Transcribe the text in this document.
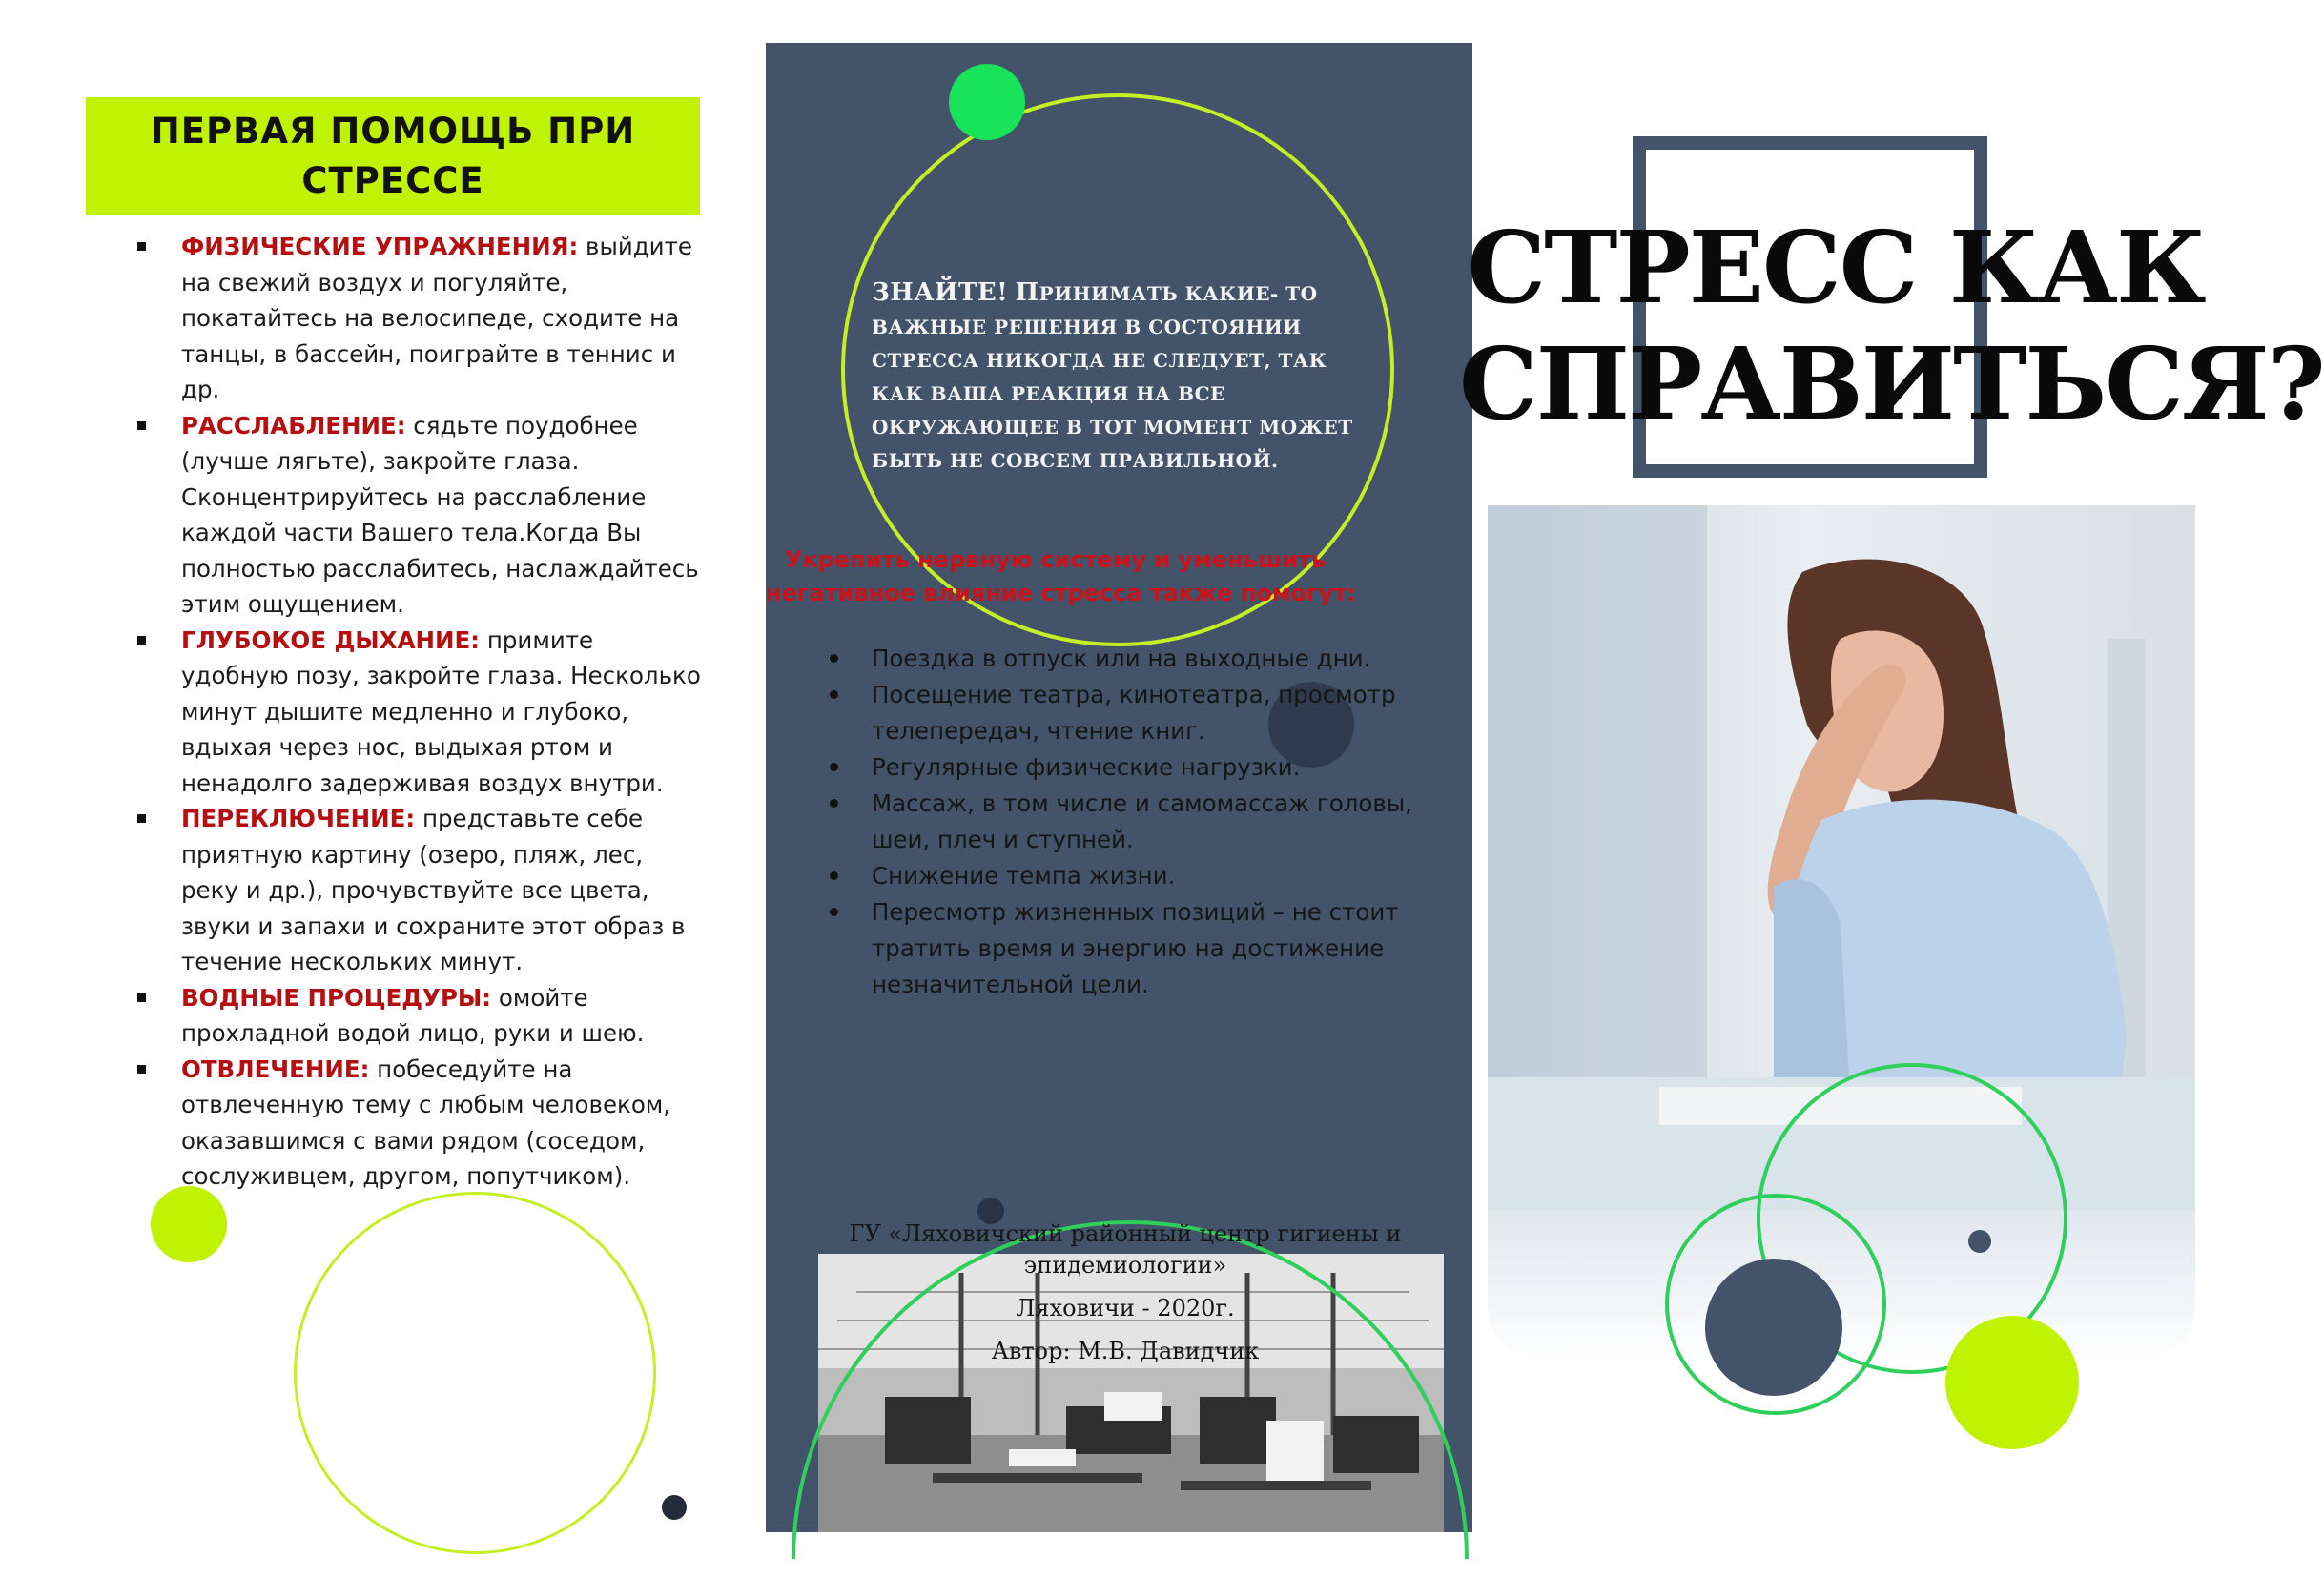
ПЕРВАЯ ПОМОЩЬ ПРИ СТРЕССЕ
ФИЗИЧЕСКИЕ УПРАЖНЕНИЯ: выйдите на свежий воздух и погуляйте, покатайтесь на велосипеде, сходите на танцы, в бассейн, поиграйте в теннис и др.
РАССЛАБЛЕНИЕ: сядьте поудобнее (лучше лягьте), закройте глаза. Сконцентрируйтесь на расслабление каждой части Вашего тела.Когда Вы полностью расслабитесь, наслаждайтесь этим ощущением.
ГЛУБОКОЕ ДЫХАНИЕ: примите удобную позу, закройте глаза. Несколько минут дышите медленно и глубоко, вдыхая через нос, выдыхая ртом и ненадолго задерживая воздух внутри.
ПЕРЕКЛЮЧЕНИЕ: представьте себе приятную картину (озеро, пляж, лес, реку и др.), прочувствуйте все цвета, звуки и запахи и сохраните этот образ в течение нескольких минут.
ВОДНЫЕ ПРОЦЕДУРЫ: омойте прохладной водой лицо, руки и шею.
ОТВЛЕЧЕНИЕ: побеседуйте на отвлеченную тему с любым человеком, оказавшимся с вами рядом (соседом, сослуживцем, другом, попутчиком).
ЗНАЙТЕ! ПРИНИМАТЬ КАКИЕ- ТО ВАЖНЫЕ РЕШЕНИЯ В СОСТОЯНИИ СТРЕССА НИКОГДА НЕ СЛЕДУЕТ, ТАК КАК ВАША РЕАКЦИЯ НА ВСЕ ОКРУЖАЮЩЕЕ В ТОТ МОМЕНТ МОЖЕТ БЫТЬ НЕ СОВСЕМ ПРАВИЛЬНОЙ.
Укрепить нервную систему и уменьшить негативное влияние стресса также помогут:
Поездка в отпуск или на выходные дни.
Посещение театра, кинотеатра, просмотр телепередач, чтение книг.
Регулярные физические нагрузки.
Массаж, в том числе и самомассаж головы, шеи, плеч и ступней.
Снижение темпа жизни.
Пересмотр жизненных позиций – не стоит тратить время и энергию на достижение незначительной цели.
ГУ «Ляховичский районный центр гигиены и эпидемиологии»
Ляховичи - 2020г.
Автор: М.В. Давидчик
СТРЕСС КАК
СПРАВИТЬСЯ?
